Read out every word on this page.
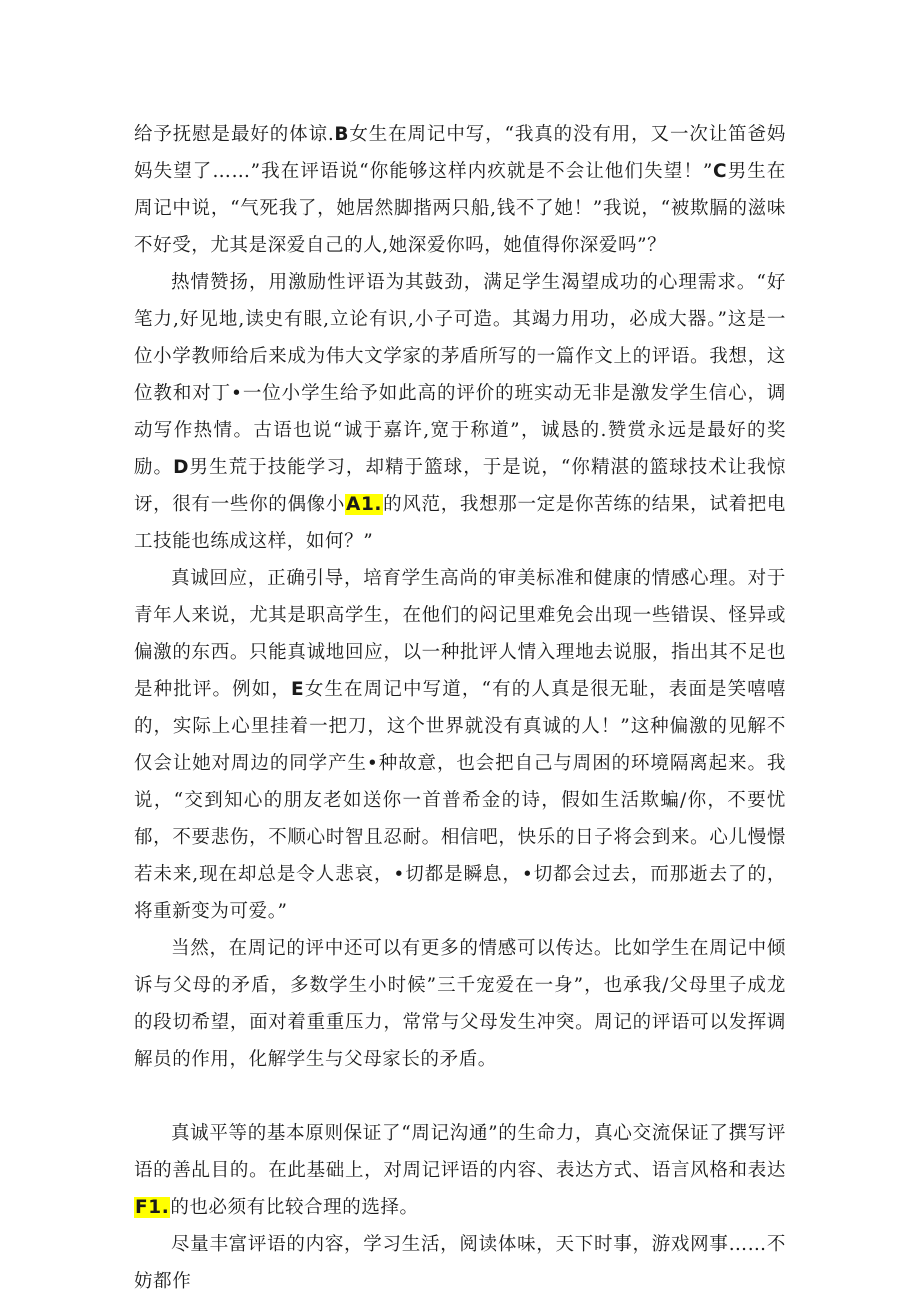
给予抚慰是最好的体谅.B女生在周记中写，“我真的没有用，又一次让笛爸妈妈失望了……”我在评语说“你能够这样内疚就是不会让他们失望！”C男生在周记中说，“气死我了，她居然脚揩两只船,钱不了她！”我说，“被欺膈的滋味不好受，尤其是深爱自己的人,她深爱你吗，她值得你深爱吗”？

热情赞扬，用激励性评语为其鼓劲，满足学生渴望成功的心理需求。“好笔力,好见地,读史有眼,立论有识,小子可造。其竭力用功，必成大器。”这是一位小学教师给后来成为伟大文学家的茅盾所写的一篇作文上的评语。我想，这位教和对丁•一位小学生给予如此高的评价的班实动无非是激发学生信心，调动写作热情。古语也说“诚于嘉许,宽于称道”，诚恳的.赞赏永远是最好的奖励。D男生荒于技能学习，却精于篮球，于是说，“你精湛的篮球技术让我惊讶，很有一些你的偶像小A1.的风范，我想那一定是你苦练的结果，试着把电工技能也练成这样，如何？”

真诚回应，正确引导，培育学生高尚的审美标准和健康的情感心理。对于青年人来说，尤其是职高学生，在他们的闷记里难免会出现一些错误、怪异或偏激的东西。只能真诚地回应，以一种批评人情入理地去说服，指出其不足也是种批评。例如，E女生在周记中写道，“有的人真是很无耻，表面是笑嘻嘻的，实际上心里挂着一把刀，这个世界就没有真诚的人！”这种偏激的见解不仅会让她对周边的同学产生•种故意，也会把自己与周困的环境隔离起来。我说，“交到知心的朋友老如送你一首普希金的诗，假如生活欺蝙/你，不要忧郁，不要悲伤，不顺心时智且忍耐。相信吧，快乐的日子将会到来。心儿慢憬若未来,现在却总是令人悲哀，•切都是瞬息，•切都会过去，而那逝去了的，将重新变为可爱。”

当然，在周记的评中还可以有更多的情感可以传达。比如学生在周记中倾诉与父母的矛盾，多数学生小时候”三千宠爱在一身”，也承我/父母里子成龙的段切希望，面对着重重压力，常常与父母发生冲突。周记的评语可以发挥调解员的作用，化解学生与父母家长的矛盾。

真诚平等的基本原则保证了“周记沟通”的生命力，真心交流保证了撰写评语的善乩目的。在此基础上，对周记评语的内容、表达方式、语言风格和表达F1.的也必须有比较合理的选择。

尽量丰富评语的内容，学习生活，阅读体味，天下时事，游戏网事……不妨都作
